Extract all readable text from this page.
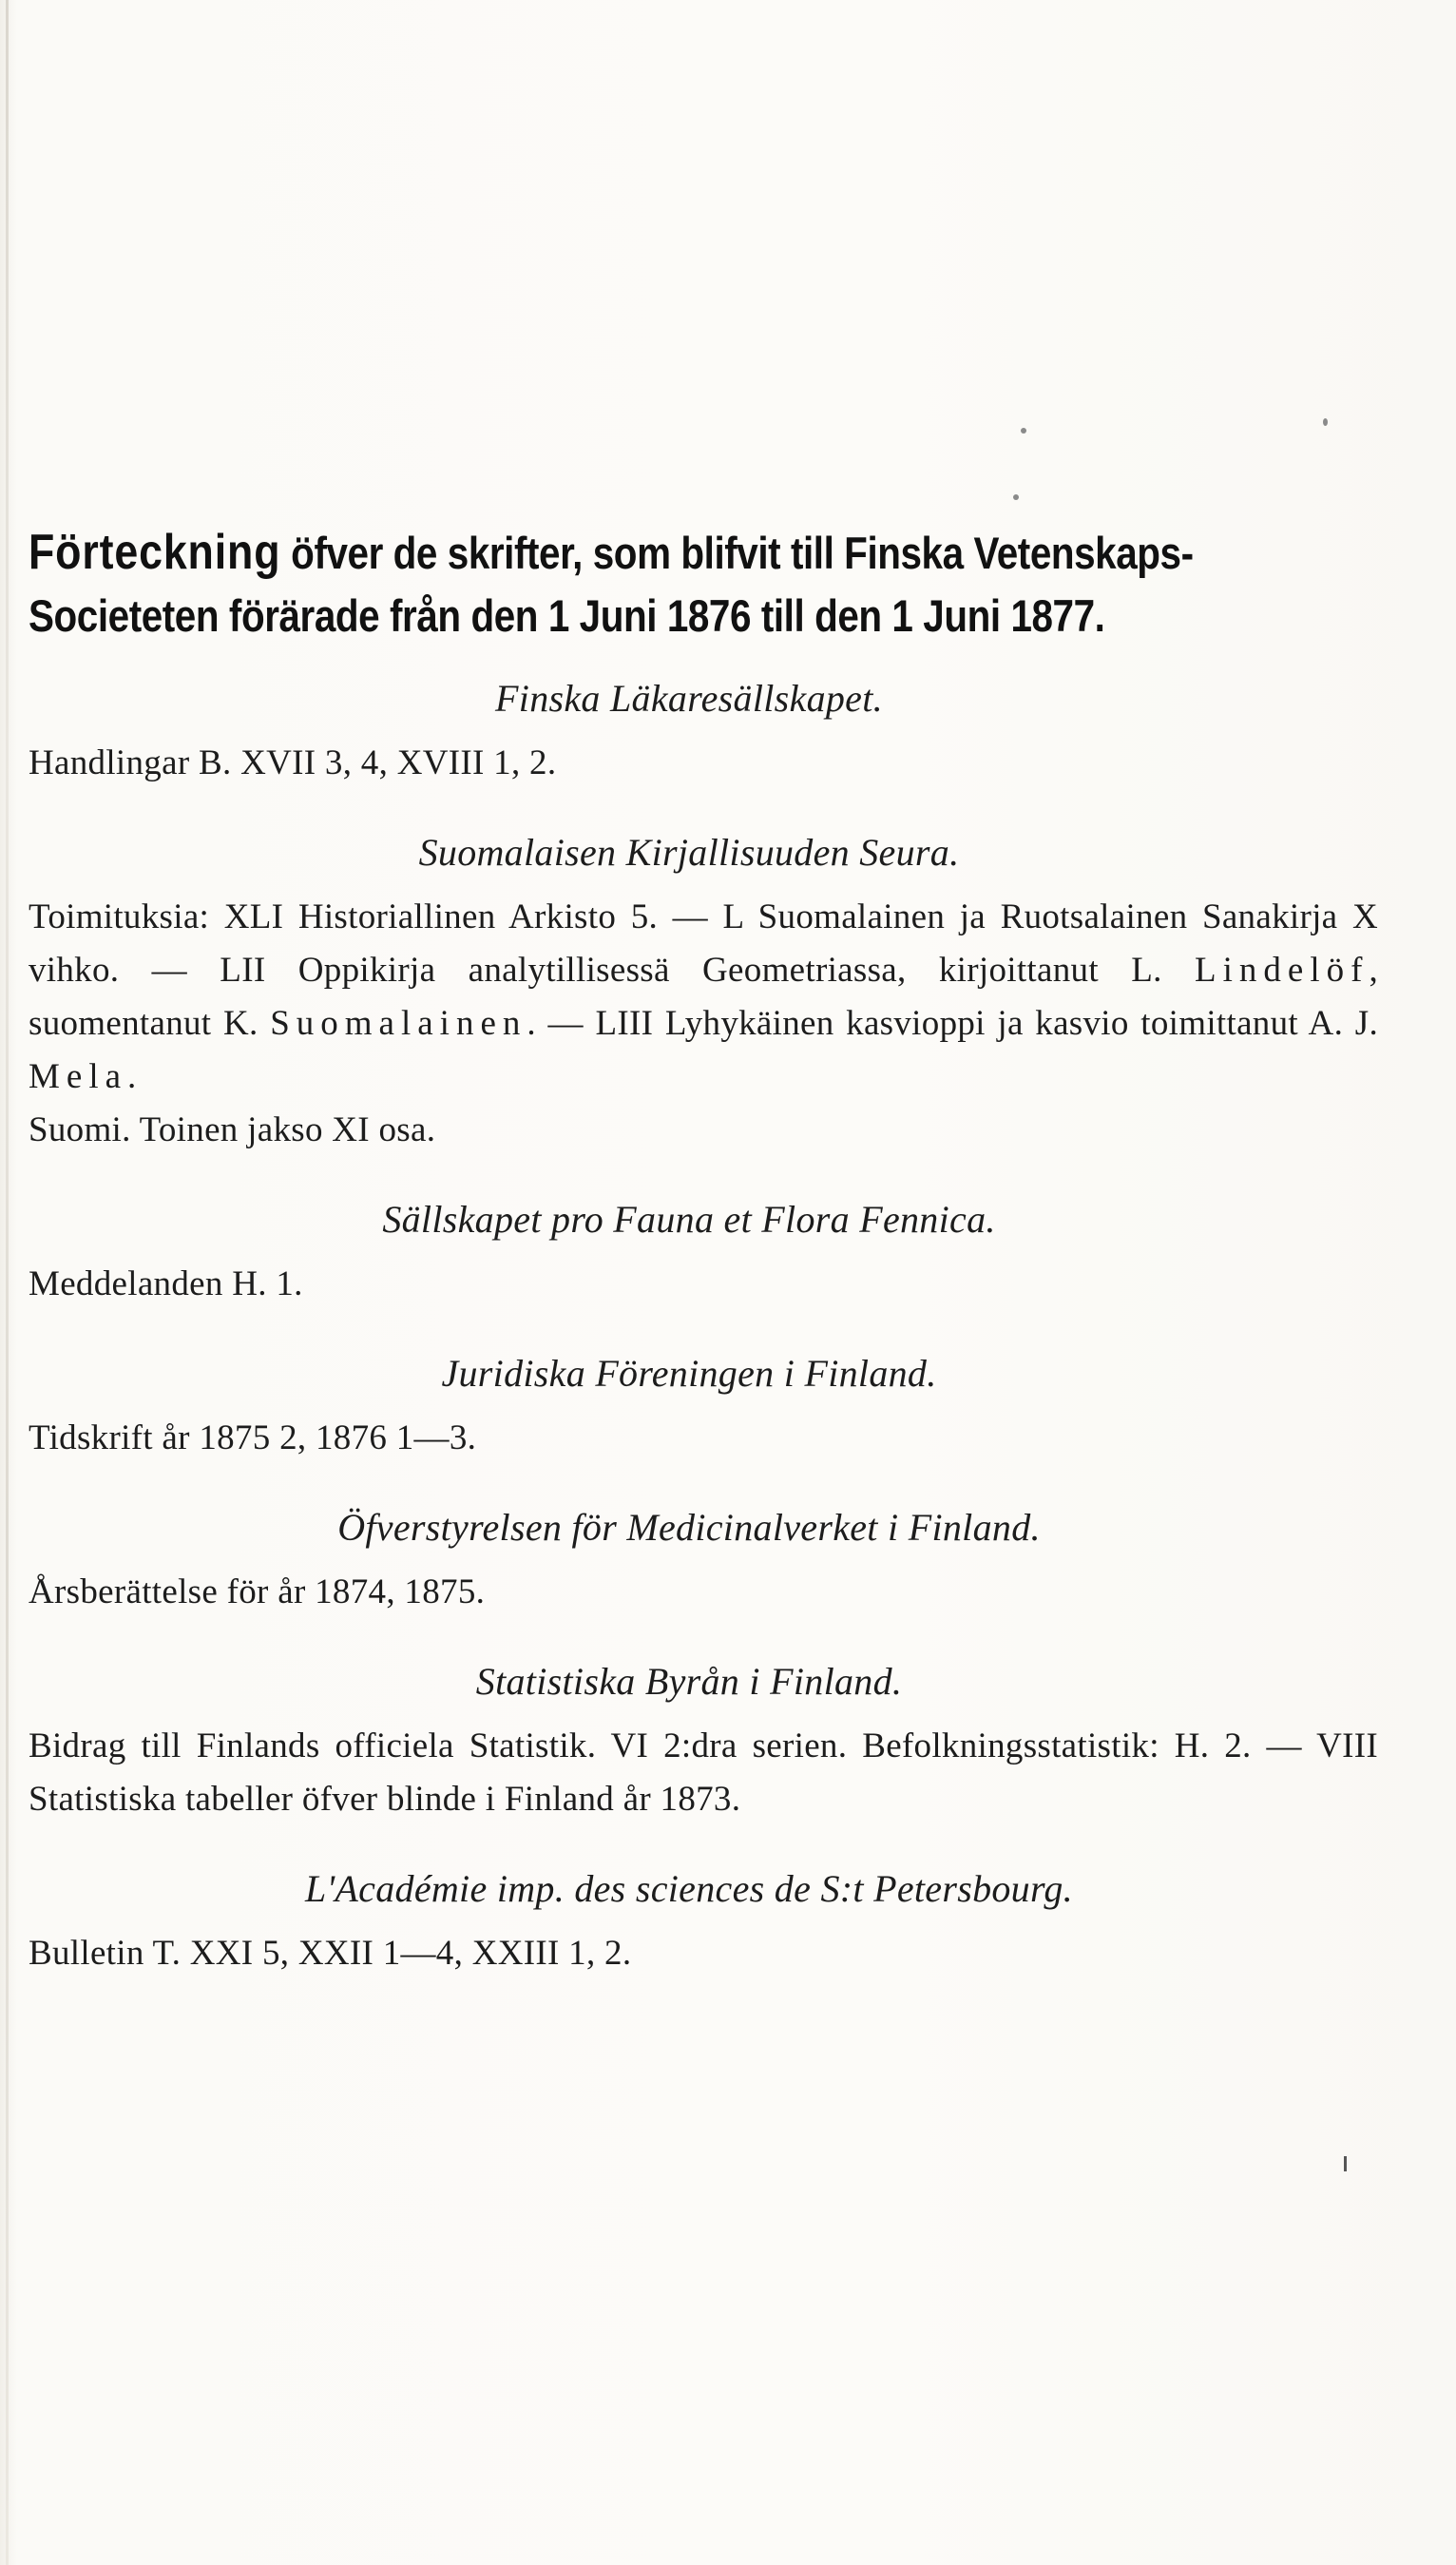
Förteckning öfver de skrifter, som blifvit till Finska Vetenskaps-Societeten förärade från den 1 Juni 1876 till den 1 Juni 1877.
Finska Läkaresällskapet.
Handlingar B. XVII 3, 4, XVIII 1, 2.
Suomalaisen Kirjallisuuden Seura.
Toimituksia: XLI Historiallinen Arkisto 5. — L Suomalainen ja Ruotsalainen Sanakirja X vihko. — LII Oppikirja analytillisessä Geometriassa, kirjoittanut L. Lindelöf, suomentanut K. Suomalainen. — LIII Lyhykäinen kasvioppi ja kasvio toimittanut A. J. Mela.
Suomi. Toinen jakso XI osa.
Sällskapet pro Fauna et Flora Fennica.
Meddelanden H. 1.
Juridiska Föreningen i Finland.
Tidskrift år 1875 2, 1876 1—3.
Öfverstyrelsen för Medicinalverket i Finland.
Årsberättelse för år 1874, 1875.
Statistiska Byrån i Finland.
Bidrag till Finlands officiela Statistik. VI 2:dra serien. Befolkningsstatistik: H. 2. — VIII Statistiska tabeller öfver blinde i Finland år 1873.
L'Académie imp. des sciences de S:t Petersbourg.
Bulletin T. XXI 5, XXII 1—4, XXIII 1, 2.
